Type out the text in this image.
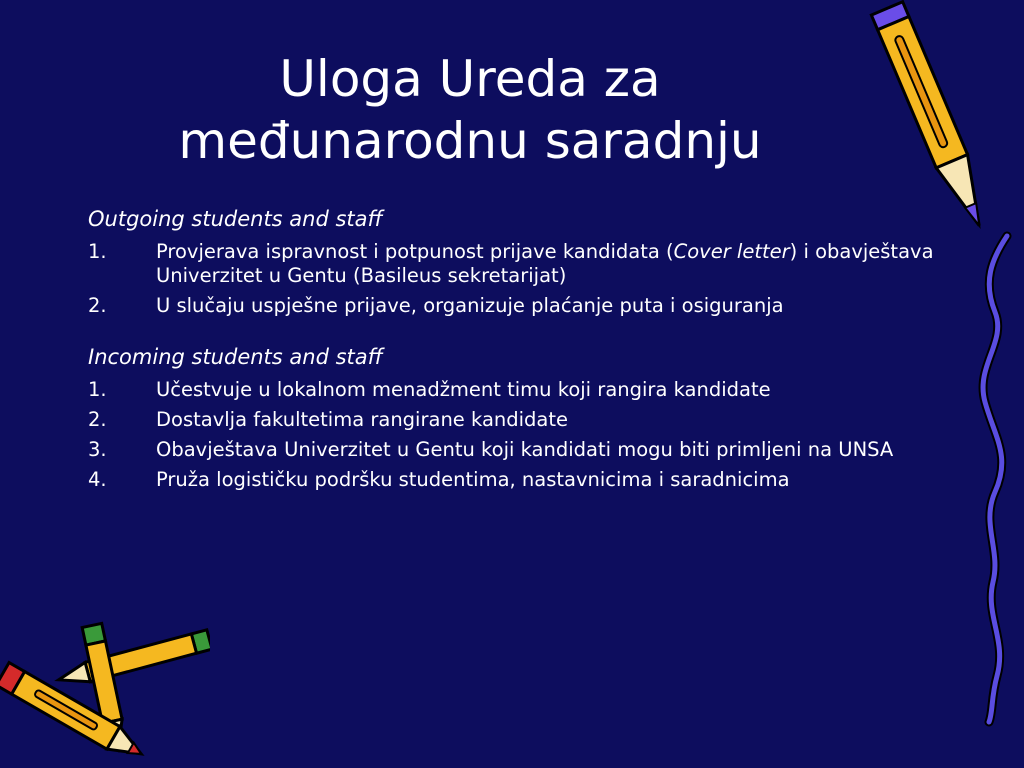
Uloga Ureda za
međunarodnu saradnju

Outgoing students and staff

1.	Provjerava ispravnost i potpunost prijave kandidata (Cover letter) i obavještava Univerzitet u Gentu (Basileus sekretarijat)
2.	U slučaju uspješne prijave, organizuje plaćanje puta i osiguranja

Incoming students and staff

1.	Učestvuje u lokalnom menadžment timu koji rangira kandidate
2.	Dostavlja fakultetima rangirane kandidate
3.	Obavještava Univerzitet u Gentu koji kandidati mogu biti primljeni na UNSA
4.	Pruža logističku podršku studentima, nastavnicima i saradnicima
